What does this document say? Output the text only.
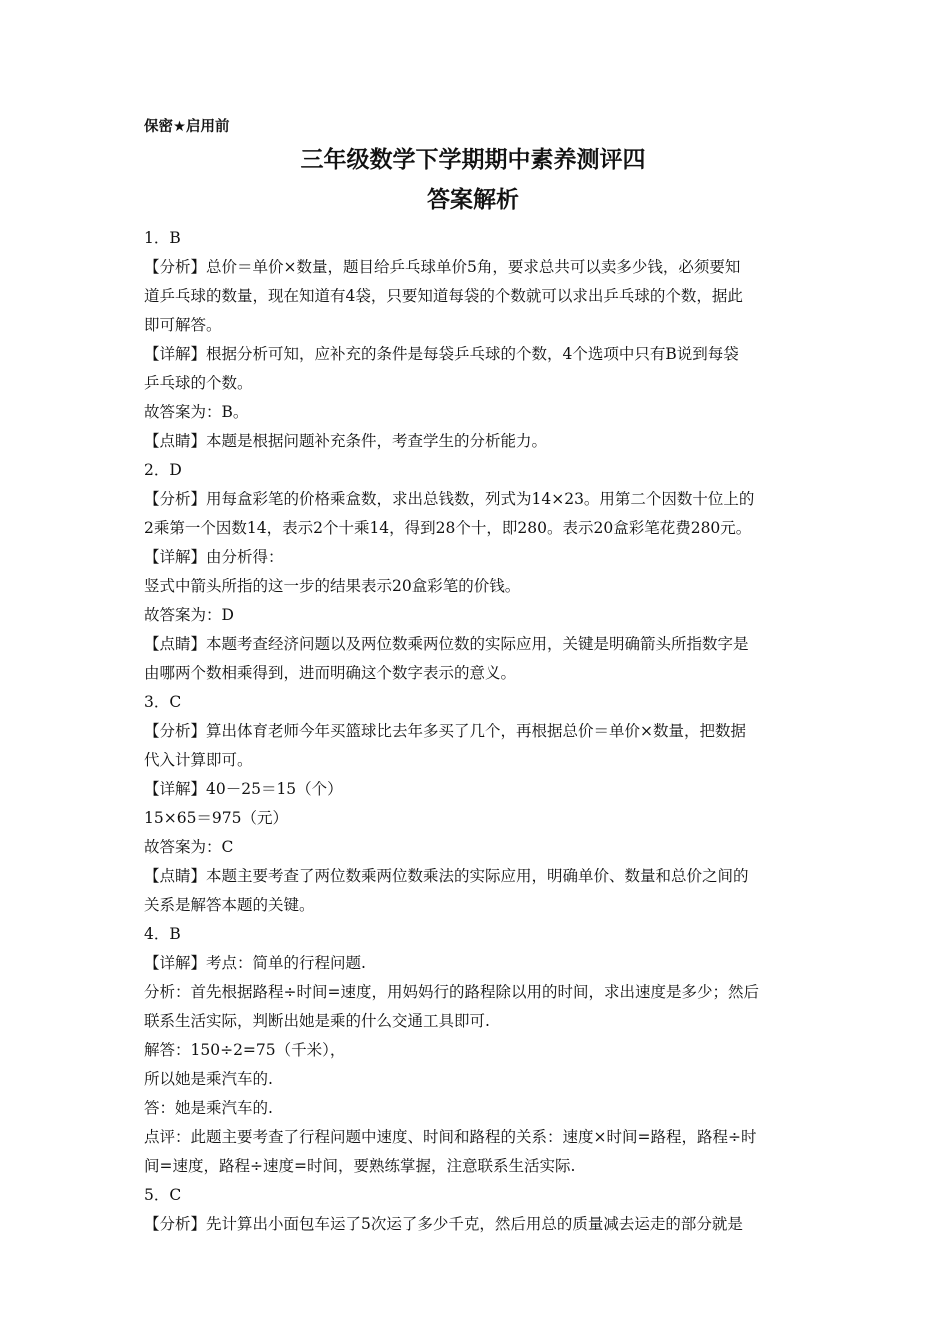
保密★启用前
三年级数学下学期期中素养测评四
答案解析
1．B
【分析】总价＝单价×数量，题目给乒乓球单价5角，要求总共可以卖多少钱，必须要知
道乒乓球的数量，现在知道有4袋，只要知道每袋的个数就可以求出乒乓球的个数，据此
即可解答。
【详解】根据分析可知，应补充的条件是每袋乒乓球的个数，4个选项中只有B说到每袋
乒乓球的个数。
故答案为：B。
【点睛】本题是根据问题补充条件，考查学生的分析能力。
2．D
【分析】用每盒彩笔的价格乘盒数，求出总钱数，列式为14×23。用第二个因数十位上的
2乘第一个因数14，表示2个十乘14，得到28个十，即280。表示20盒彩笔花费280元。
【详解】由分析得：
竖式中箭头所指的这一步的结果表示20盒彩笔的价钱。
故答案为：D
【点睛】本题考查经济问题以及两位数乘两位数的实际应用，关键是明确箭头所指数字是
由哪两个数相乘得到，进而明确这个数字表示的意义。
3．C
【分析】算出体育老师今年买篮球比去年多买了几个，再根据总价＝单价×数量，把数据
代入计算即可。
【详解】40－25＝15（个）
15×65＝975（元）
故答案为：C
【点睛】本题主要考查了两位数乘两位数乘法的实际应用，明确单价、数量和总价之间的
关系是解答本题的关键。
4．B
【详解】考点：简单的行程问题.
分析：首先根据路程÷时间=速度，用妈妈行的路程除以用的时间，求出速度是多少；然后
联系生活实际，判断出她是乘的什么交通工具即可.
解答：150÷2=75（千米），
所以她是乘汽车的.
答：她是乘汽车的.
点评：此题主要考查了行程问题中速度、时间和路程的关系：速度×时间=路程，路程÷时
间=速度，路程÷速度=时间，要熟练掌握，注意联系生活实际.
5．C
【分析】先计算出小面包车运了5次运了多少千克，然后用总的质量减去运走的部分就是
